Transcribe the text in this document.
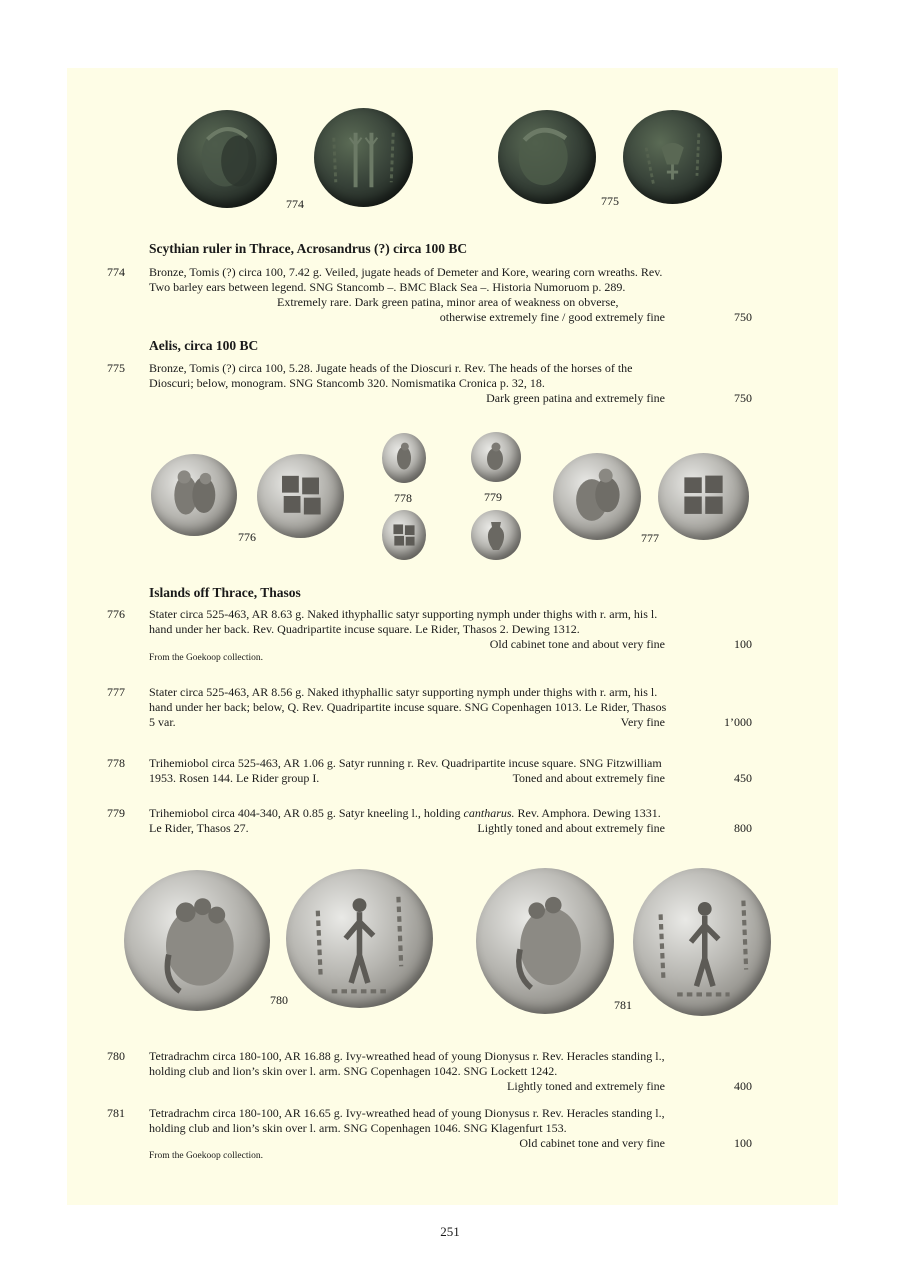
774	775
Scythian ruler in Thrace, Acrosandrus (?) circa 100 BC
774 Bronze, Tomis (?) circa 100, 7.42 g. Veiled, jugate heads of Demeter and Kore, wearing corn wreaths. Rev.
Two barley ears between legend. SNG Stancomb –. BMC Black Sea –. Historia Numoruom p. 289.
Extremely rare. Dark green patina, minor area of weakness on obverse,
otherwise extremely fine / good extremely fine	750
Aelis, circa 100 BC
775 Bronze, Tomis (?) circa 100, 5.28. Jugate heads of the Dioscuri r. Rev. The heads of the horses of the
Dioscuri; below, monogram. SNG Stancomb 320. Nomismatika Cronica p. 32, 18.
Dark green patina and extremely fine	750
776
778	779
777
Islands off Thrace, Thasos
776 Stater circa 525-463, AR 8.63 g. Naked ithyphallic satyr supporting nymph under thighs with r. arm, his l.
hand under her back. Rev. Quadripartite incuse square. Le Rider, Thasos 2. Dewing 1312.
Old cabinet tone and about very fine	100
From the Goekoop collection.
777 Stater circa 525-463, AR 8.56 g. Naked ithyphallic satyr supporting nymph under thighs with r. arm, his l.
hand under her back; below, Q. Rev. Quadripartite incuse square. SNG Copenhagen 1013. Le Rider, Thasos
5 var.	Very fine	1’000
778 Trihemiobol circa 525-463, AR 1.06 g. Satyr running r. Rev. Quadripartite incuse square. SNG Fitzwilliam
1953. Rosen 144. Le Rider group I.	Toned and about extremely fine	450
779 Trihemiobol circa 404-340, AR 0.85 g. Satyr kneeling l., holding cantharus. Rev. Amphora. Dewing 1331.
Le Rider, Thasos 27.	Lightly toned and about extremely fine	800
780	781
780 Tetradrachm circa 180-100, AR 16.88 g. Ivy-wreathed head of young Dionysus r. Rev. Heracles standing l.,
holding club and lion’s skin over l. arm. SNG Copenhagen 1042. SNG Lockett 1242.
Lightly toned and extremely fine	400
781 Tetradrachm circa 180-100, AR 16.65 g. Ivy-wreathed head of young Dionysus r. Rev. Heracles standing l.,
holding club and lion’s skin over l. arm. SNG Copenhagen 1046. SNG Klagenfurt 153.
Old cabinet tone and very fine	100
From the Goekoop collection.
251
